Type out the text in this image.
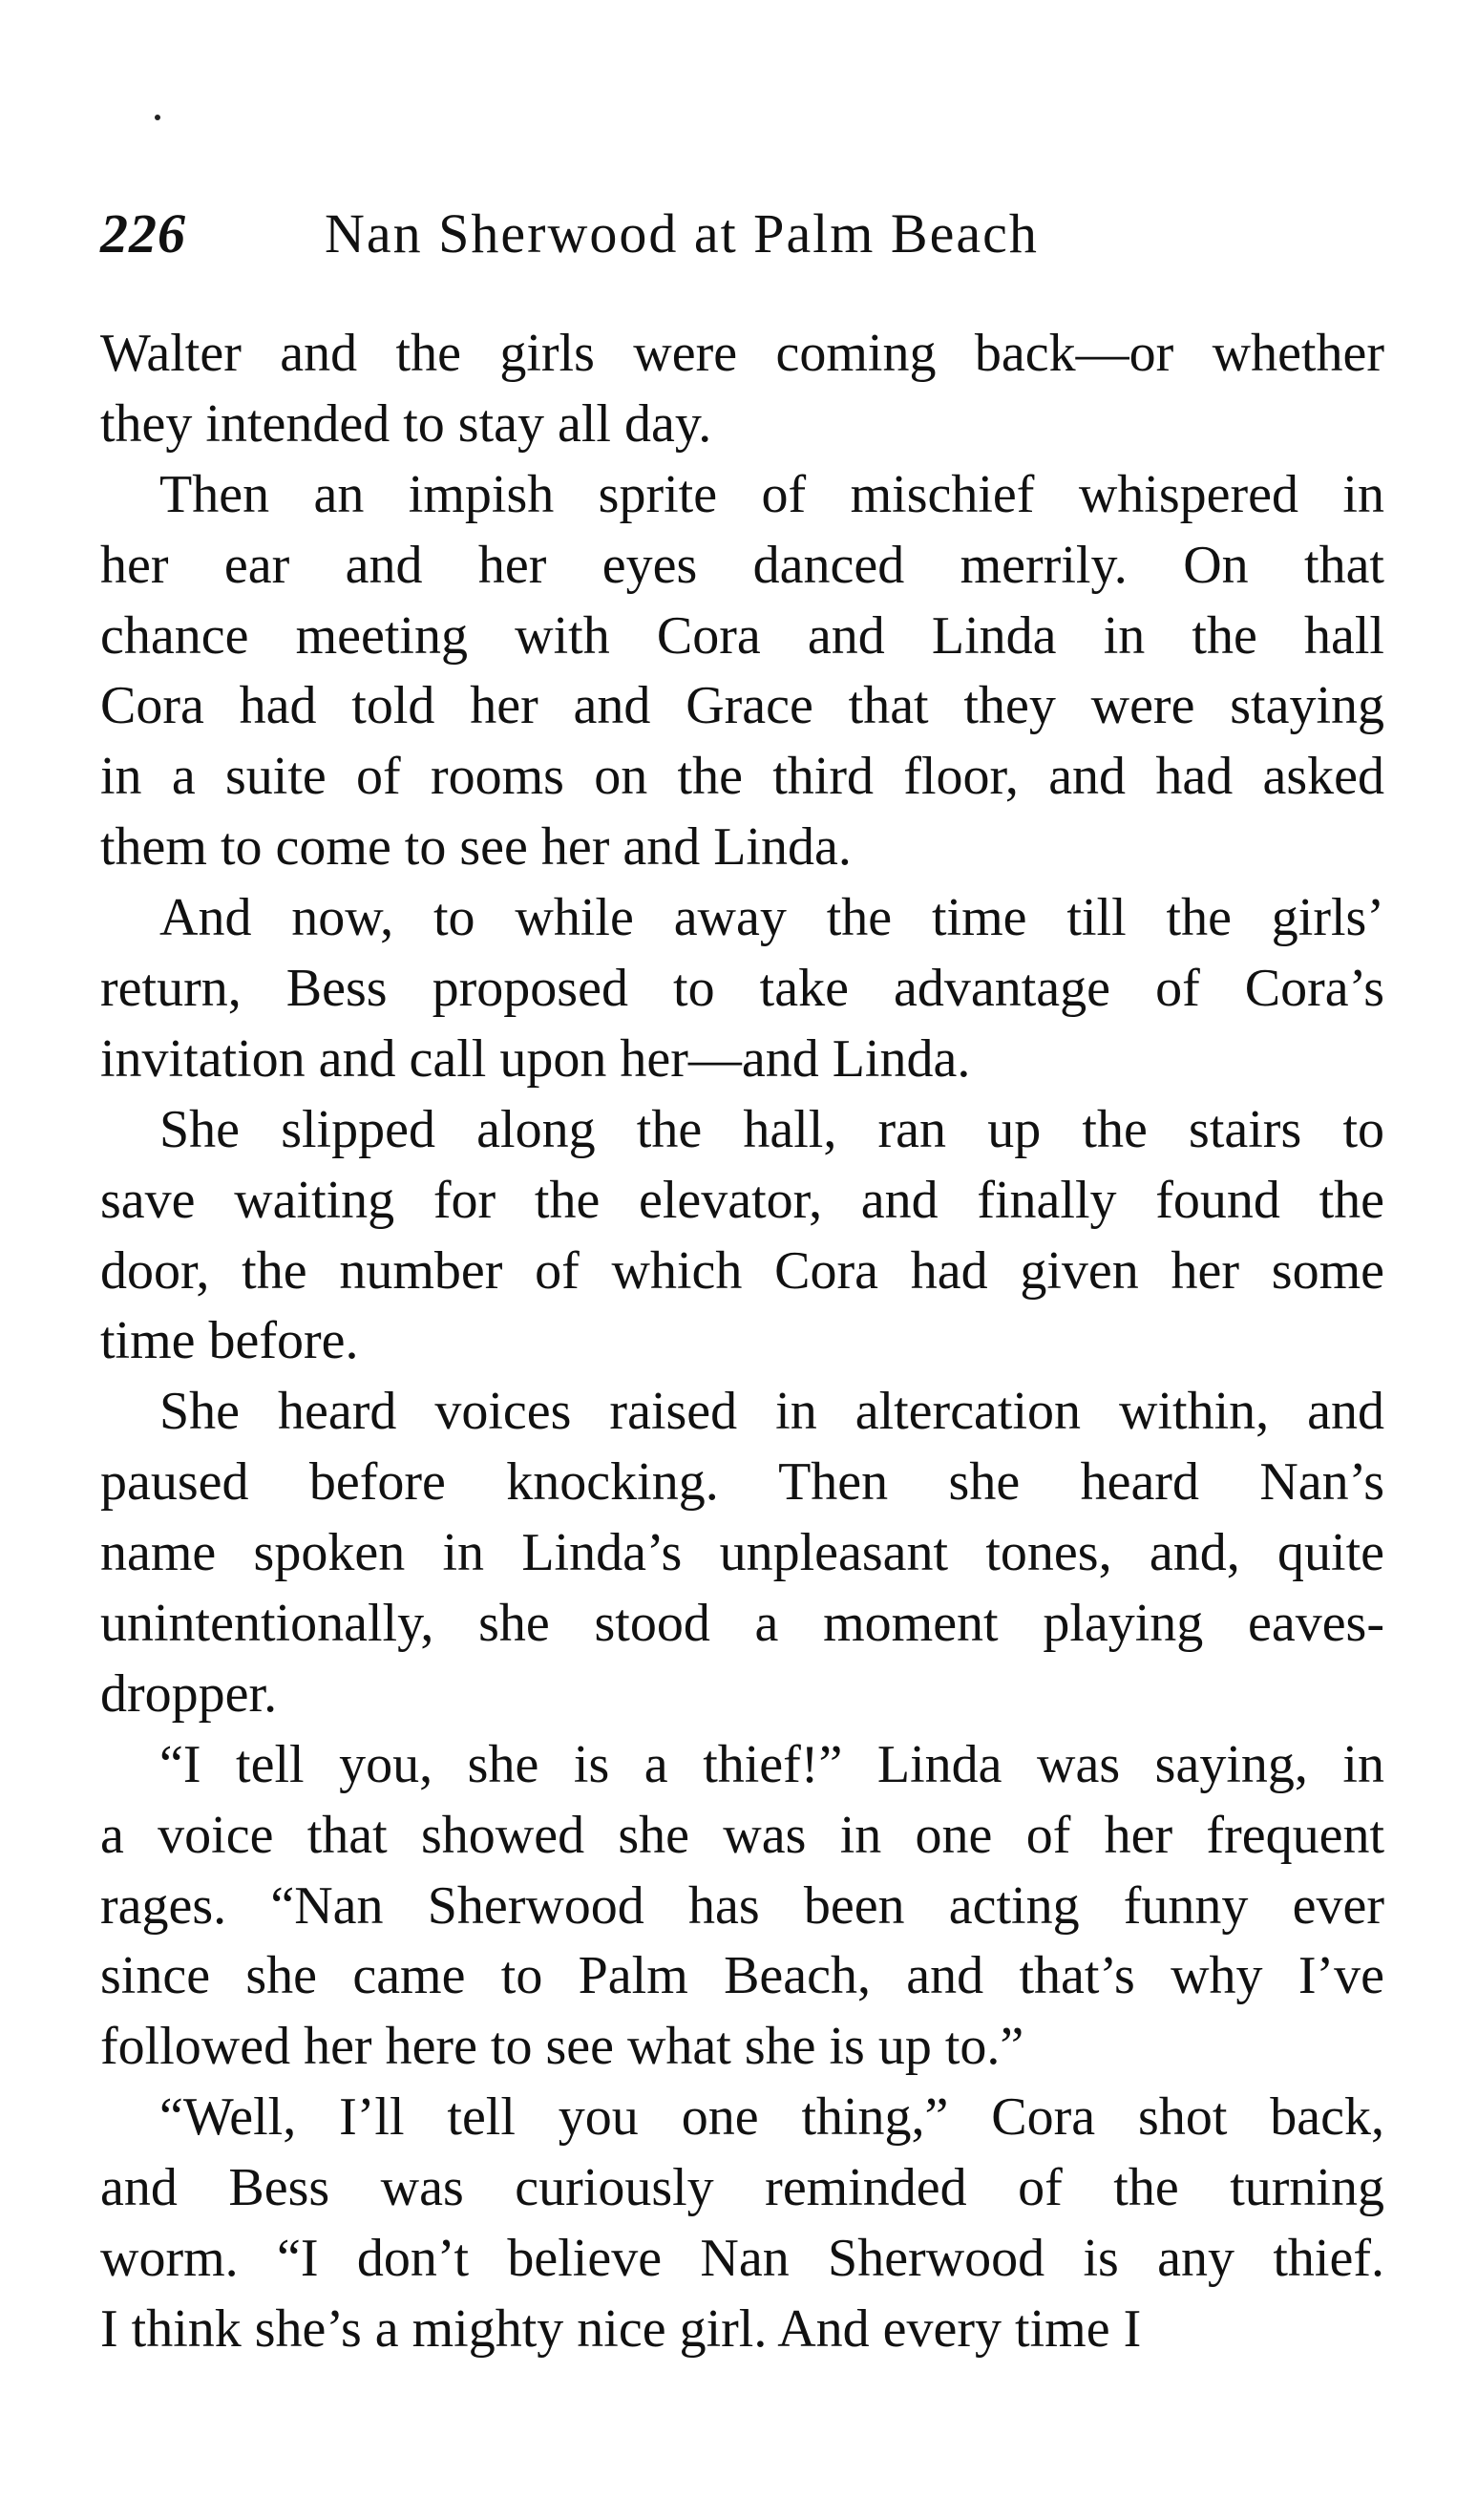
226	Nan Sherwood at Palm Beach
Walter and the girls were coming back—or whether
they intended to stay all day.
Then an impish sprite of mischief whispered in
her ear and her eyes danced merrily. On that
chance meeting with Cora and Linda in the hall
Cora had told her and Grace that they were staying
in a suite of rooms on the third floor, and had asked
them to come to see her and Linda.
And now, to while away the time till the girls’
return, Bess proposed to take advantage of Cora’s
invitation and call upon her—and Linda.
She slipped along the hall, ran up the stairs to
save waiting for the elevator, and finally found the
door, the number of which Cora had given her some
time before.
She heard voices raised in altercation within, and
paused before knocking. Then she heard Nan’s
name spoken in Linda’s unpleasant tones, and, quite
unintentionally, she stood a moment playing eaves-
dropper.
“I tell you, she is a thief!” Linda was saying, in
a voice that showed she was in one of her frequent
rages. “Nan Sherwood has been acting funny ever
since she came to Palm Beach, and that’s why I’ve
followed her here to see what she is up to.”
“Well, I’ll tell you one thing,” Cora shot back,
and Bess was curiously reminded of the turning
worm. “I don’t believe Nan Sherwood is any thief.
I think she’s a mighty nice girl. And every time I
